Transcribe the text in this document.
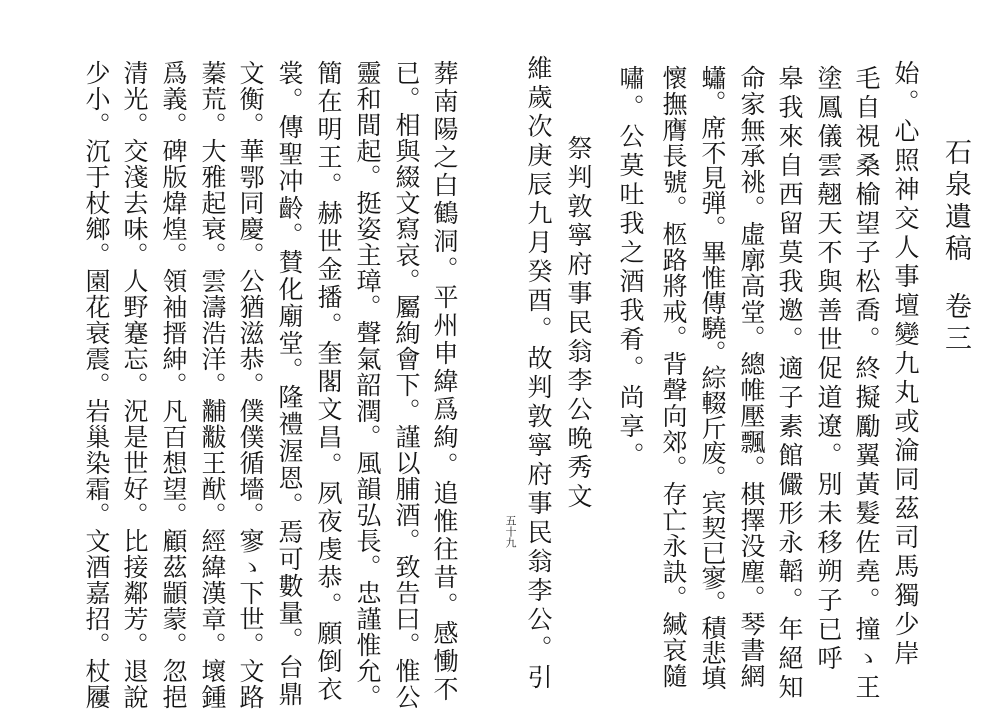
石泉遺稿
卷三
始。心照神交人事壇變九丸或淪同茲司馬獨少岸
毛自視桑榆望子松喬。終擬勵翼黃髮佐堯。撞ゝ王
塗鳳儀雲翹天不與善世促道遼。別未移朔子已呼
皋我來自西留莫我邀。適子素館儼形永韜。年絕知
命家無承祧。虛廓高堂。總帷壓飄。棋擇没塵。琴書網
蠨。席不見弾。畢惟傳驍。綜輟斤废。宾契已寥。積悲填
懷撫膺長號。柩路將戒。背聲向郊。存亡永訣。緘哀隨
嘯。公莫吐我之酒我肴。尚享。
祭判敦寧府事民翁李公晩秀文
維歲次庚辰九月癸酉。故判敦寧府事民翁李公。引
五十九
葬南陽之白鶴洞。平州申緯爲絢。追惟往昔。感慟不
已。相與綴文寫哀。屬絢會下。謹以脯酒。致告曰。惟公
靈和間起。挺姿主璋。聲氣韶潤。風韻弘長。忠謹惟允。
簡在明王。赫世金播。奎閣文昌。夙夜虔恭。願倒衣
裳。傳聖冲齡。賛化廟堂。隆禮渥恩。焉可數量。台鼎
文衡。華鄂同慶。公猶滋恭。僕僕循墻。寥ゝ下世。文路
蓁荒。大雅起衰。雲濤浩洋。黼黻王猷。經緯漢章。壞鍾
爲義。碑版煒煌。領袖搢紳。凡百想望。顧茲顓蒙。忽挹
清光。交淺去味。人野蹇忘。況是世好。比接鄰芳。退說
少小。沉于杖鄉。園花衰震。岩巢染霜。文酒嘉招。杖屨
